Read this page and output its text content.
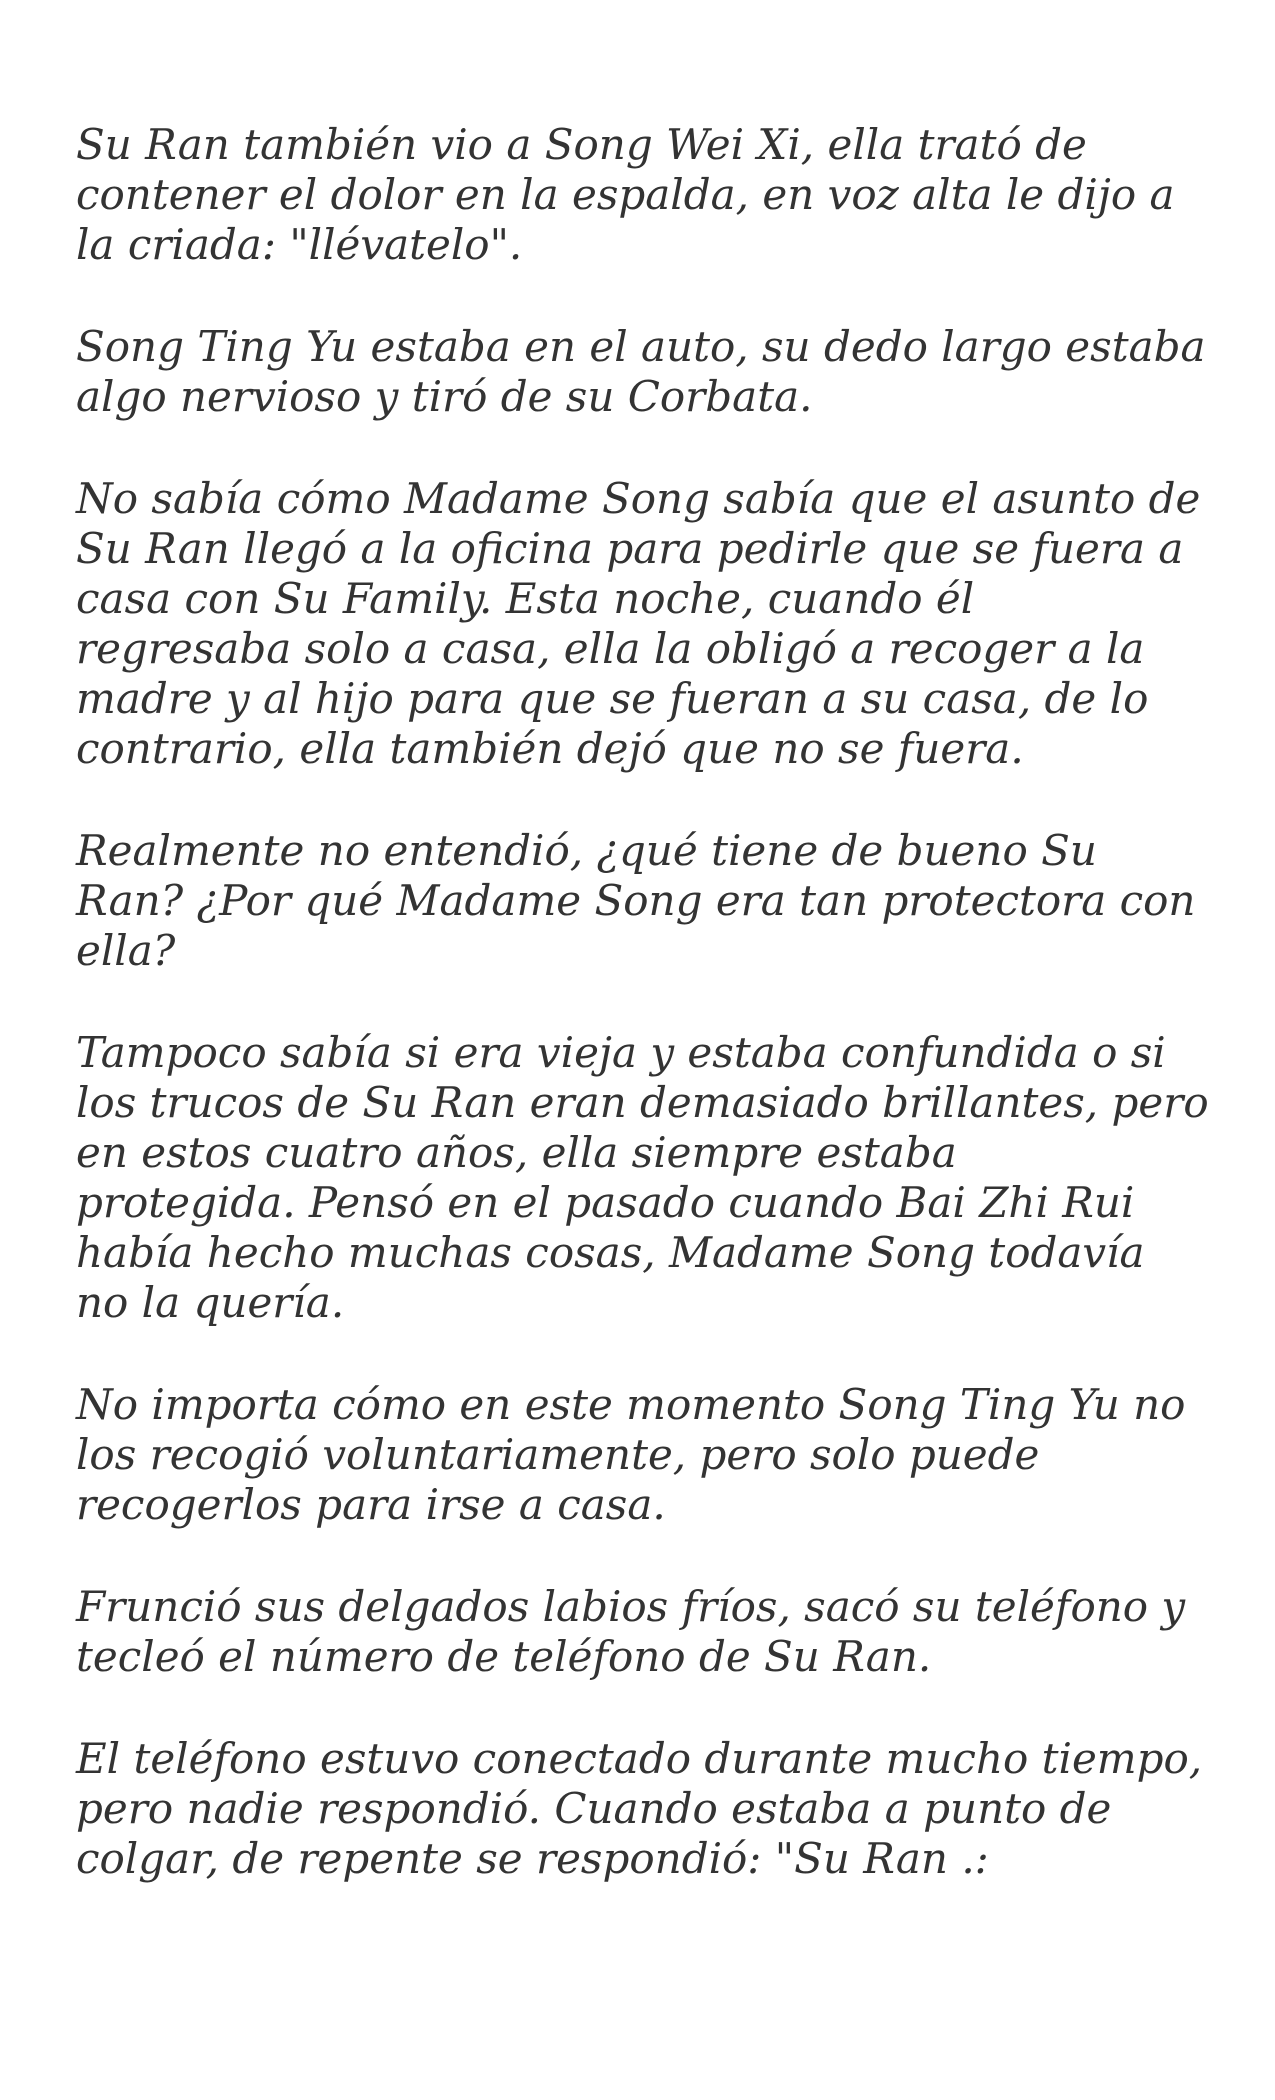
Su Ran también vio a Song Wei Xi, ella trató de
contener el dolor en la espalda, en voz alta le dijo a
la criada: "llévatelo".

Song Ting Yu estaba en el auto, su dedo largo estaba
algo nervioso y tiró de su Corbata.

No sabía cómo Madame Song sabía que el asunto de
Su Ran llegó a la oficina para pedirle que se fuera a
casa con Su Family. Esta noche, cuando él
regresaba solo a casa, ella la obligó a recoger a la
madre y al hijo para que se fueran a su casa, de lo
contrario, ella también dejó que no se fuera.

Realmente no entendió, ¿qué tiene de bueno Su
Ran? ¿Por qué Madame Song era tan protectora con
ella?

Tampoco sabía si era vieja y estaba confundida o si
los trucos de Su Ran eran demasiado brillantes, pero
en estos cuatro años, ella siempre estaba
protegida. Pensó en el pasado cuando Bai Zhi Rui
había hecho muchas cosas, Madame Song todavía
no la quería.

No importa cómo en este momento Song Ting Yu no
los recogió voluntariamente, pero solo puede
recogerlos para irse a casa.

Frunció sus delgados labios fríos, sacó su teléfono y
tecleó el número de teléfono de Su Ran.

El teléfono estuvo conectado durante mucho tiempo,
pero nadie respondió. Cuando estaba a punto de
colgar, de repente se respondió: "Su Ran .:
